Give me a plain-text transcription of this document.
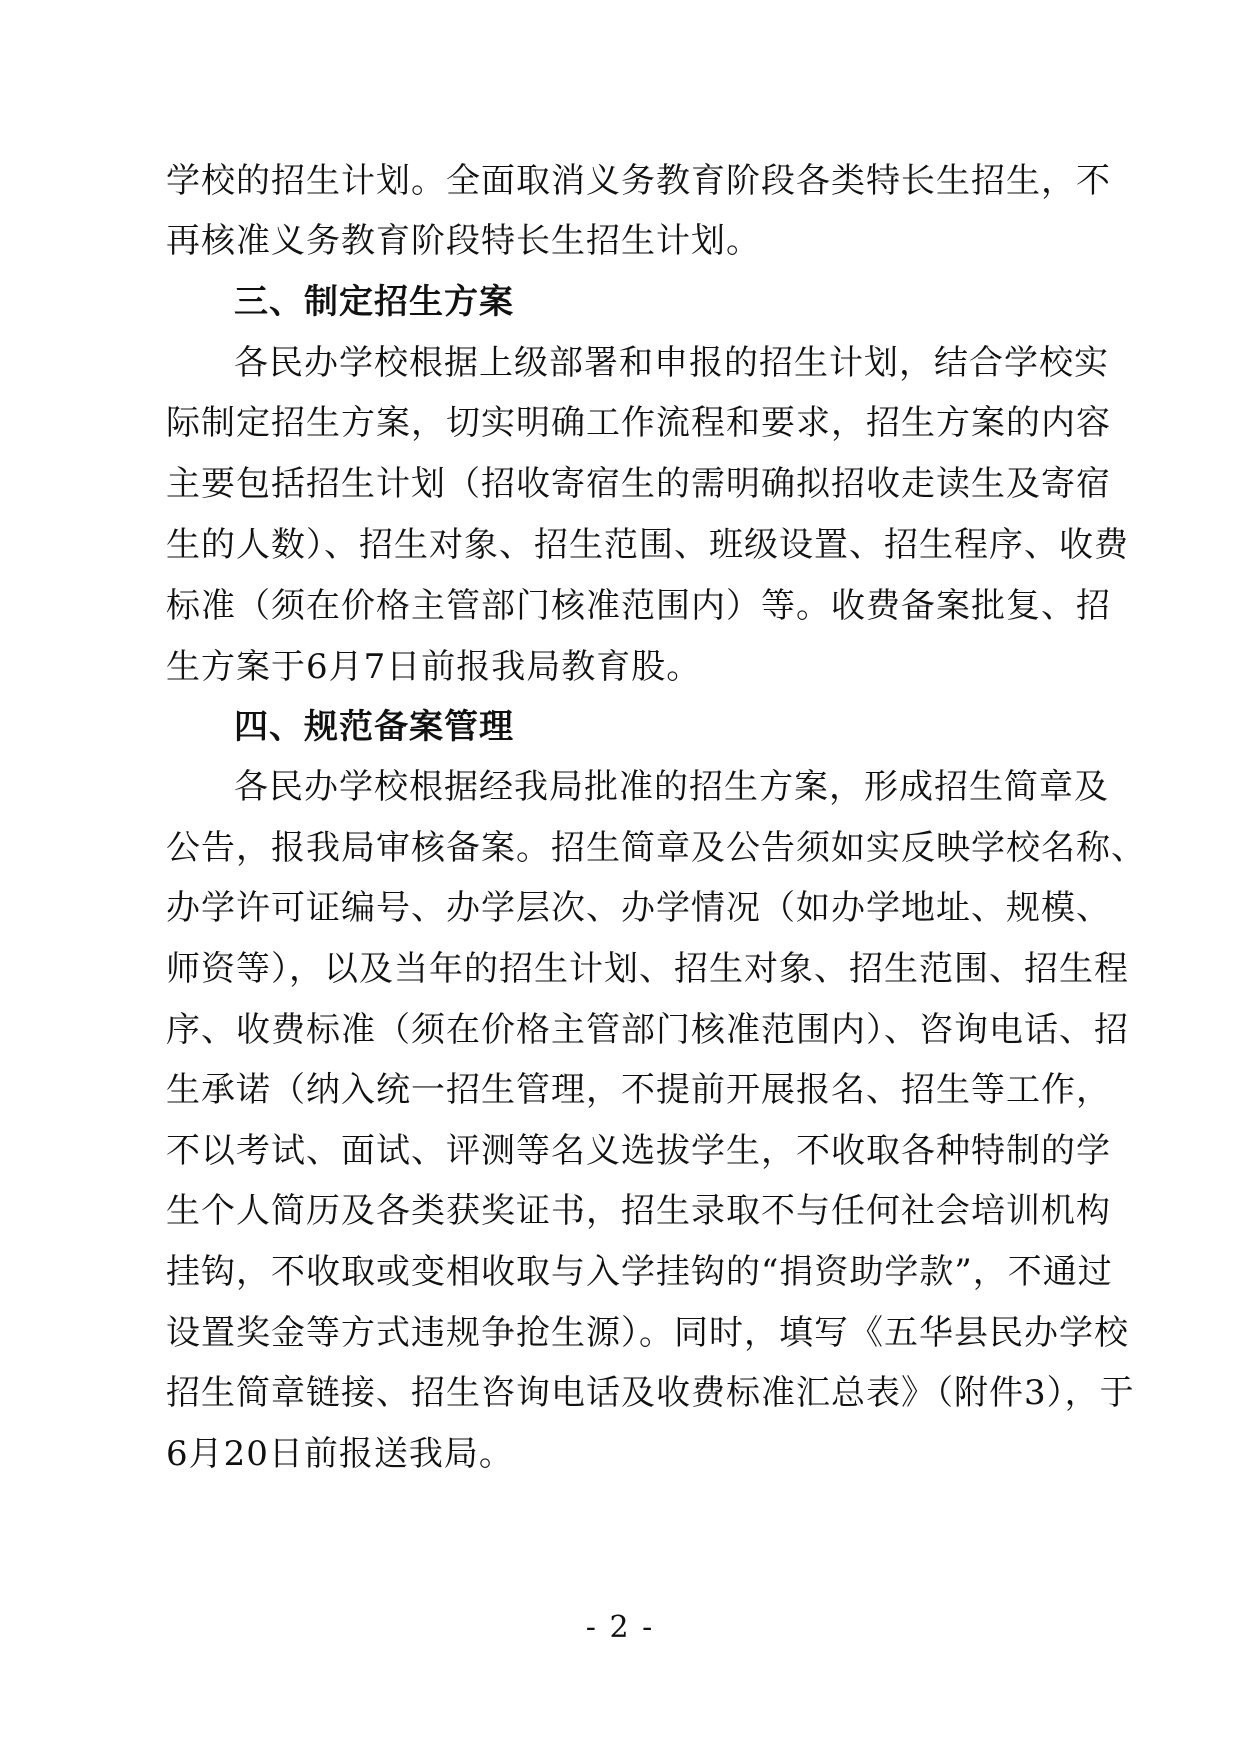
学校的招生计划。全面取消义务教育阶段各类特长生招生，不
再核准义务教育阶段特长生招生计划。
三、制定招生方案
各民办学校根据上级部署和申报的招生计划，结合学校实
际制定招生方案，切实明确工作流程和要求，招生方案的内容
主要包括招生计划（招收寄宿生的需明确拟招收走读生及寄宿
生的人数）、招生对象、招生范围、班级设置、招生程序、收费
标准（须在价格主管部门核准范围内）等。收费备案批复、招
生方案于6月7日前报我局教育股。
四、规范备案管理
各民办学校根据经我局批准的招生方案，形成招生简章及
公告，报我局审核备案。招生简章及公告须如实反映学校名称、
办学许可证编号、办学层次、办学情况（如办学地址、规模、
师资等），以及当年的招生计划、招生对象、招生范围、招生程
序、收费标准（须在价格主管部门核准范围内）、咨询电话、招
生承诺（纳入统一招生管理，不提前开展报名、招生等工作，
不以考试、面试、评测等名义选拔学生，不收取各种特制的学
生个人简历及各类获奖证书，招生录取不与任何社会培训机构
挂钩，不收取或变相收取与入学挂钩的“捐资助学款”，不通过
设置奖金等方式违规争抢生源）。同时，填写《五华县民办学校
招生简章链接、招生咨询电话及收费标准汇总表》（附件3），于
6月20日前报送我局。
- 2 -
